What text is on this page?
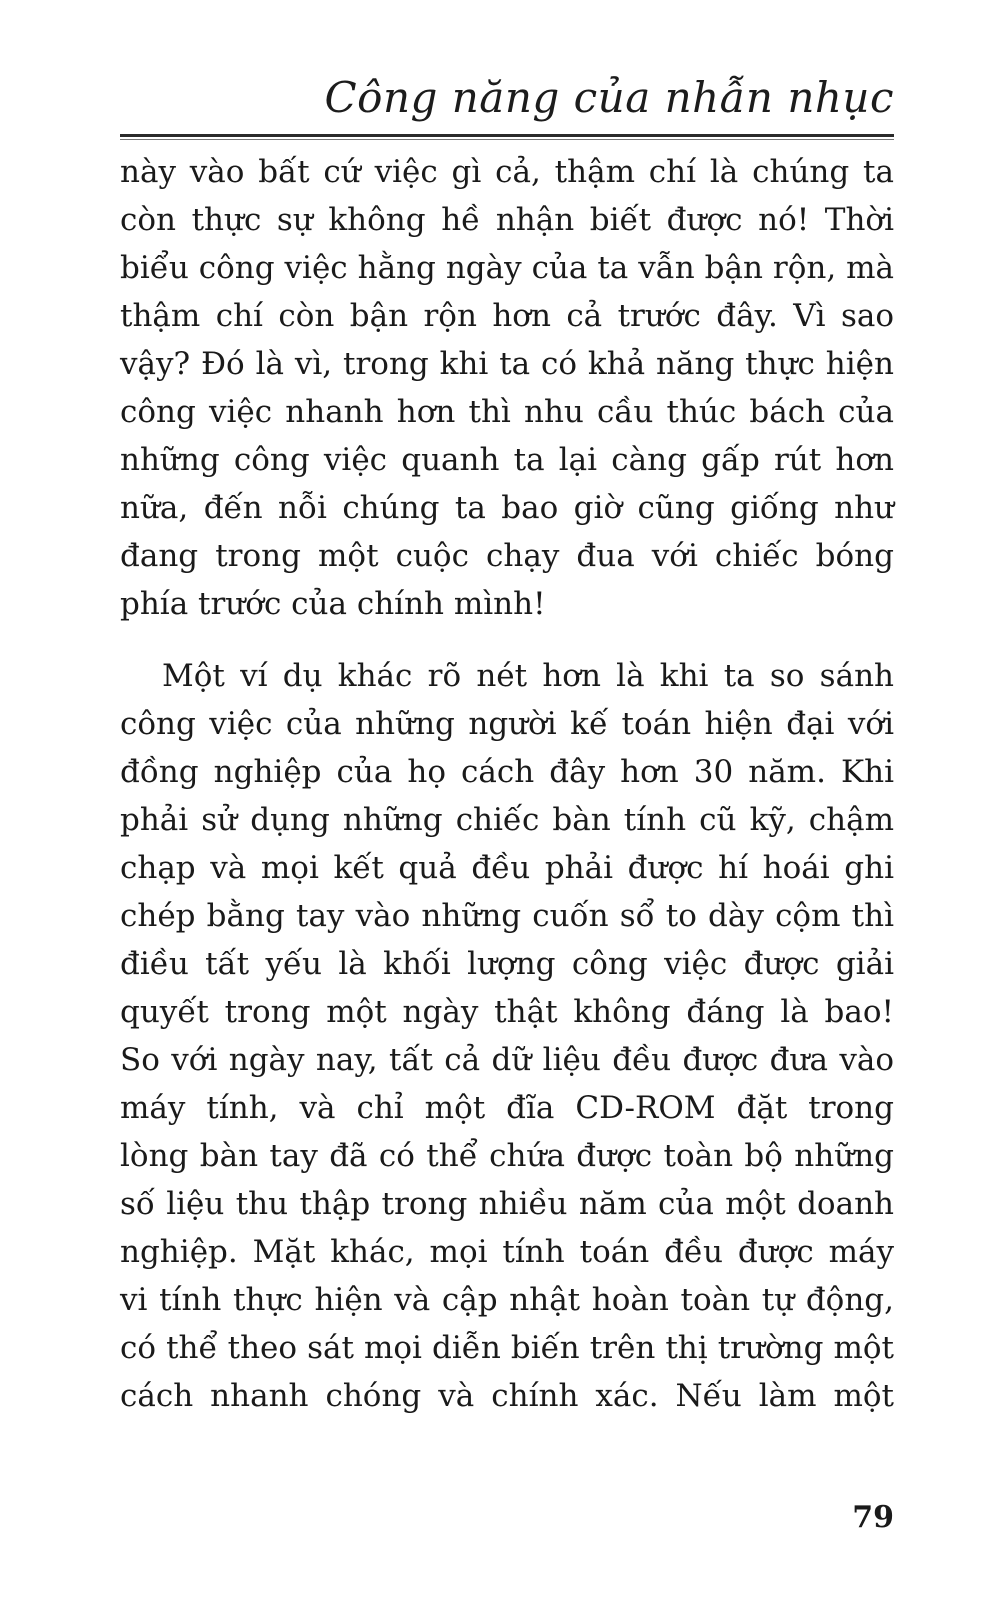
Công năng của nhẫn nhục
này vào bất cứ việc gì cả, thậm chí là chúng ta
còn thực sự không hề nhận biết được nó! Thời
biểu công việc hằng ngày của ta vẫn bận rộn, mà
thậm chí còn bận rộn hơn cả trước đây. Vì sao
vậy? Đó là vì, trong khi ta có khả năng thực hiện
công việc nhanh hơn thì nhu cầu thúc bách của
những công việc quanh ta lại càng gấp rút hơn
nữa, đến nỗi chúng ta bao giờ cũng giống như
đang trong một cuộc chạy đua với chiếc bóng
phía trước của chính mình!
Một ví dụ khác rõ nét hơn là khi ta so sánh
công việc của những người kế toán hiện đại với
đồng nghiệp của họ cách đây hơn 30 năm. Khi
phải sử dụng những chiếc bàn tính cũ kỹ, chậm
chạp và mọi kết quả đều phải được hí hoái ghi
chép bằng tay vào những cuốn sổ to dày cộm thì
điều tất yếu là khối lượng công việc được giải
quyết trong một ngày thật không đáng là bao!
So với ngày nay, tất cả dữ liệu đều được đưa vào
máy tính, và chỉ một đĩa CD-ROM đặt trong
lòng bàn tay đã có thể chứa được toàn bộ những
số liệu thu thập trong nhiều năm của một doanh
nghiệp. Mặt khác, mọi tính toán đều được máy
vi tính thực hiện và cập nhật hoàn toàn tự động,
có thể theo sát mọi diễn biến trên thị trường một
cách nhanh chóng và chính xác. Nếu làm một
79
